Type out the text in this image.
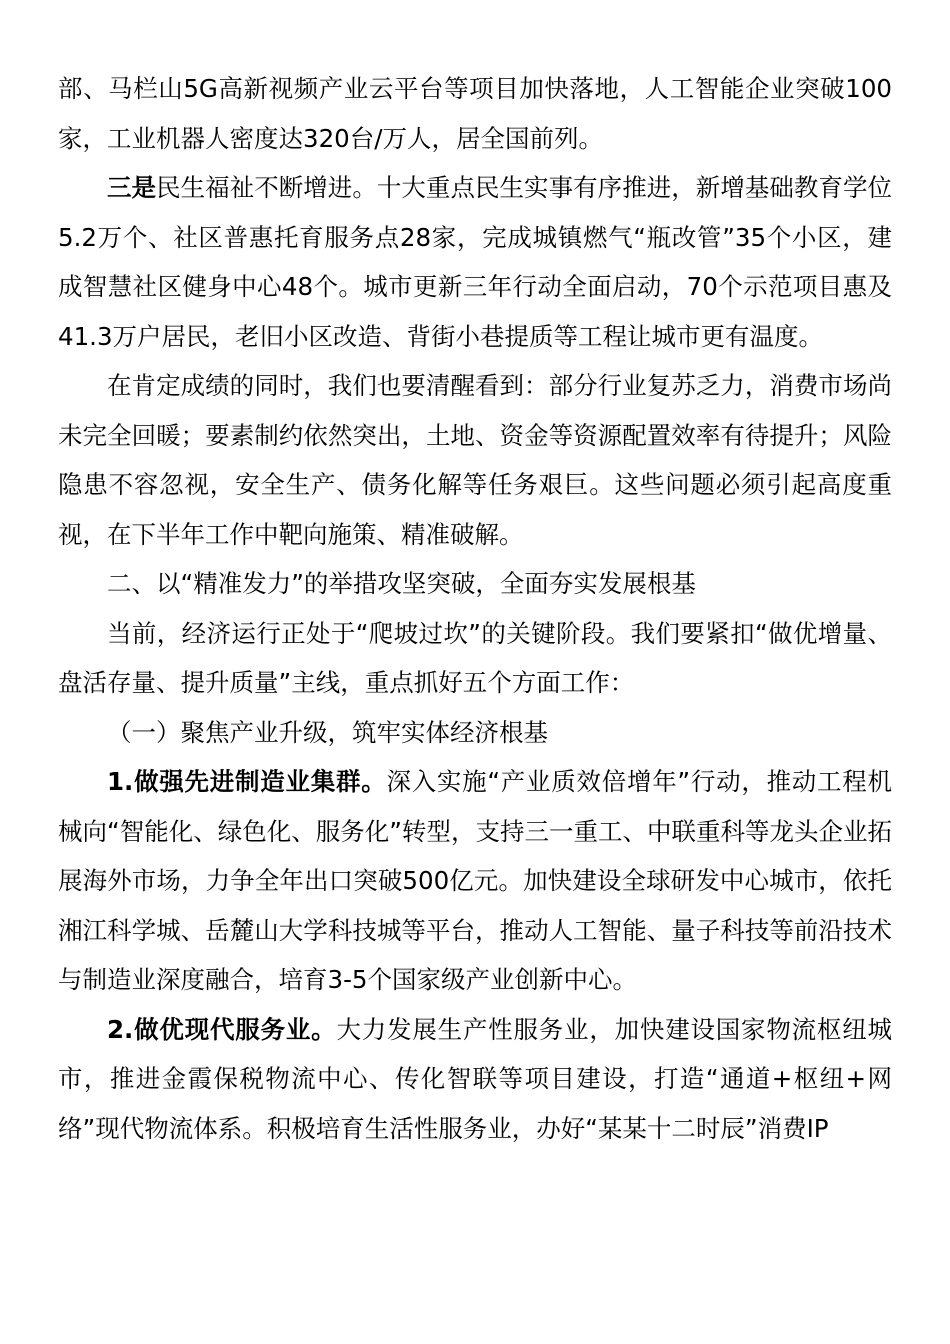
部、马栏山5G高新视频产业云平台等项目加快落地，人工智能企业突破100家，工业机器人密度达320台/万人，居全国前列。

三是民生福祉不断增进。十大重点民生实事有序推进，新增基础教育学位5.2万个、社区普惠托育服务点28家，完成城镇燃气“瓶改管”35个小区，建成智慧社区健身中心48个。城市更新三年行动全面启动，70个示范项目惠及41.3万户居民，老旧小区改造、背街小巷提质等工程让城市更有温度。

在肯定成绩的同时，我们也要清醒看到：部分行业复苏乏力，消费市场尚未完全回暖；要素制约依然突出，土地、资金等资源配置效率有待提升；风险隐患不容忽视，安全生产、债务化解等任务艰巨。这些问题必须引起高度重视，在下半年工作中靶向施策、精准破解。

二、以“精准发力”的举措攻坚突破，全面夯实发展根基

当前，经济运行正处于“爬坡过坎”的关键阶段。我们要紧扣“做优增量、盘活存量、提升质量”主线，重点抓好五个方面工作：

（一）聚焦产业升级，筑牢实体经济根基

1.做强先进制造业集群。深入实施“产业质效倍增年”行动，推动工程机械向“智能化、绿色化、服务化”转型，支持三一重工、中联重科等龙头企业拓展海外市场，力争全年出口突破500亿元。加快建设全球研发中心城市，依托湘江科学城、岳麓山大学科技城等平台，推动人工智能、量子科技等前沿技术与制造业深度融合，培育3-5个国家级产业创新中心。

2.做优现代服务业。大力发展生产性服务业，加快建设国家物流枢纽城市，推进金霞保税物流中心、传化智联等项目建设，打造“通道+枢纽+网络”现代物流体系。积极培育生活性服务业，办好“某某十二时辰”消费IP
